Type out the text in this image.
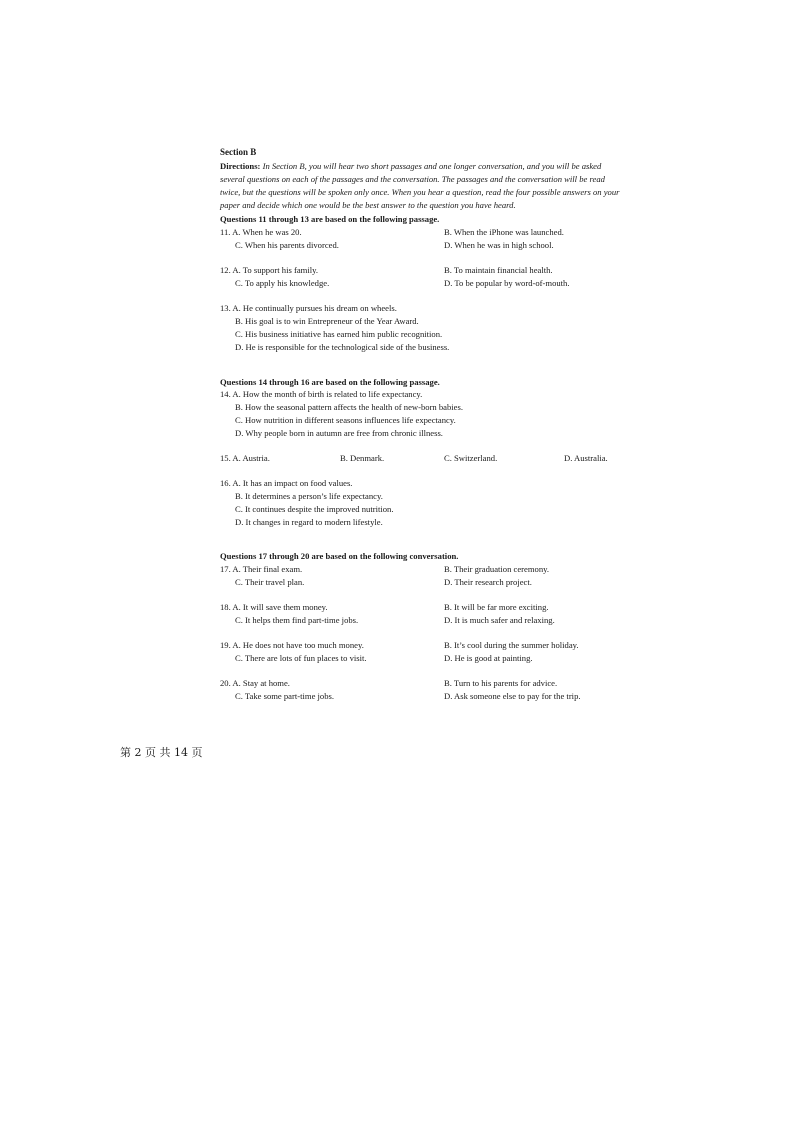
Section B
Directions: In Section B, you will hear two short passages and one longer conversation, and you will be asked
several questions on each of the passages and the conversation. The passages and the conversation will be read
twice, but the questions will be spoken only once. When you hear a question, read the four possible answers on your
paper and decide which one would be the best answer to the question you have heard.
Questions 11 through 13 are based on the following passage.
11. A. When he was 20.	B. When the iPhone was launched.
C. When his parents divorced.	D. When he was in high school.
12. A. To support his family.	B. To maintain financial health.
C. To apply his knowledge.	D. To be popular by word-of-mouth.
13. A. He continually pursues his dream on wheels.
B. His goal is to win Entrepreneur of the Year Award.
C. His business initiative has earned him public recognition.
D. He is responsible for the technological side of the business.
Questions 14 through 16 are based on the following passage.
14. A. How the month of birth is related to life expectancy.
B. How the seasonal pattern affects the health of new-born babies.
C. How nutrition in different seasons influences life expectancy.
D. Why people born in autumn are free from chronic illness.
15. A. Austria.	B. Denmark.	C. Switzerland.	D. Australia.
16. A. It has an impact on food values.
B. It determines a person’s life expectancy.
C. It continues despite the improved nutrition.
D. It changes in regard to modern lifestyle.
Questions 17 through 20 are based on the following conversation.
17. A. Their final exam.	B. Their graduation ceremony.
C. Their travel plan.	D. Their research project.
18. A. It will save them money.	B. It will be far more exciting.
C. It helps them find part-time jobs.	D. It is much safer and relaxing.
19. A. He does not have too much money.	B. It’s cool during the summer holiday.
C. There are lots of fun places to visit.	D. He is good at painting.
20. A. Stay at home.	B. Turn to his parents for advice.
C. Take some part-time jobs.	D. Ask someone else to pay for the trip.
第 2 页 共 14 页
